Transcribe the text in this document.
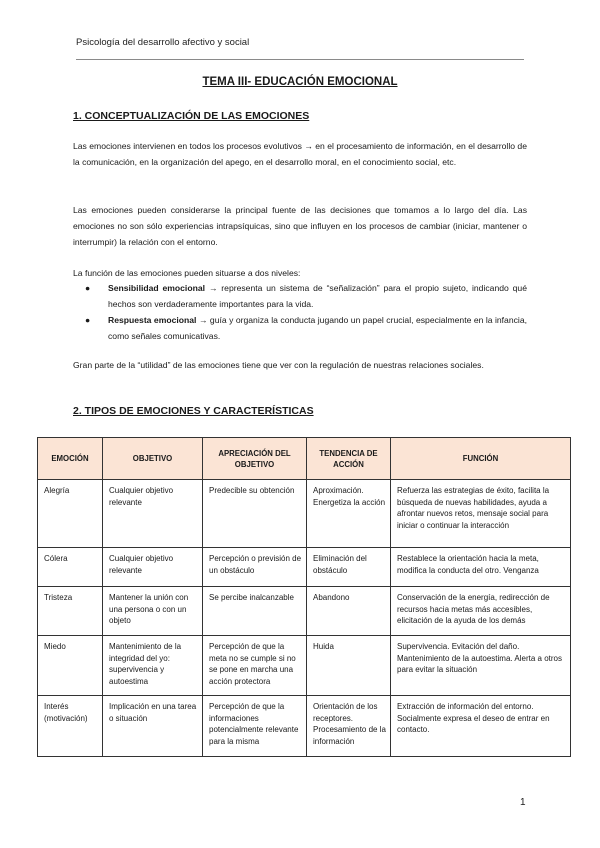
Psicología del desarrollo afectivo y social
TEMA III- EDUCACIÓN EMOCIONAL
1. CONCEPTUALIZACIÓN DE LAS EMOCIONES

Las emociones intervienen en todos los procesos evolutivos → en el procesamiento de información, en el desarrollo de la comunicación, en la organización del apego, en el desarrollo moral, en el conocimiento social, etc.

Las emociones pueden considerarse la principal fuente de las decisiones que tomamos a lo largo del día. Las emociones no son sólo experiencias intrapsíquicas, sino que influyen en los procesos de cambiar (iniciar, mantener o interrumpir) la relación con el entorno.

La función de las emociones pueden situarse a dos niveles:

● Sensibilidad emocional → representa un sistema de “señalización” para el propio sujeto, indicando qué hechos son verdaderamente importantes para la vida.
● Respuesta emocional → guía y organiza la conducta jugando un papel crucial, especialmente en la infancia, como señales comunicativas.

Gran parte de la “utilidad” de las emociones tiene que ver con la regulación de nuestras relaciones sociales.

2. TIPOS DE EMOCIONES Y CARACTERÍSTICAS
EMOCIÓN	OBJETIVO	APRECIACIÓN DEL OBJETIVO	TENDENCIA DE ACCIÓN	FUNCIÓN
Alegría	Cualquier objetivo relevante	Predecible su obtención	Aproximación. Energetiza la acción	Refuerza las estrategias de éxito, facilita la búsqueda de nuevas habilidades, ayuda a afrontar nuevos retos, mensaje social para iniciar o continuar la interacción
Cólera	Cualquier objetivo relevante	Percepción o previsión de un obstáculo	Eliminación del obstáculo	Restablece la orientación hacia la meta, modifica la conducta del otro. Venganza
Tristeza	Mantener la unión con una persona o con un objeto	Se percibe inalcanzable	Abandono	Conservación de la energía, redirección de recursos hacia metas más accesibles, elicitación de la ayuda de los demás
Miedo	Mantenimiento de la integridad del yo: supervivencia y autoestima	Percepción de que la meta no se cumple si no se pone en marcha una acción protectora	Huida	Supervivencia. Evitación del daño. Mantenimiento de la autoestima. Alerta a otros para evitar la situación
Interés (motivación)	Implicación en una tarea o situación	Percepción de que la informaciones potencialmente relevante para la misma	Orientación de los receptores. Procesamiento de la información	Extracción de información del entorno. Socialmente expresa el deseo de entrar en contacto.
1
